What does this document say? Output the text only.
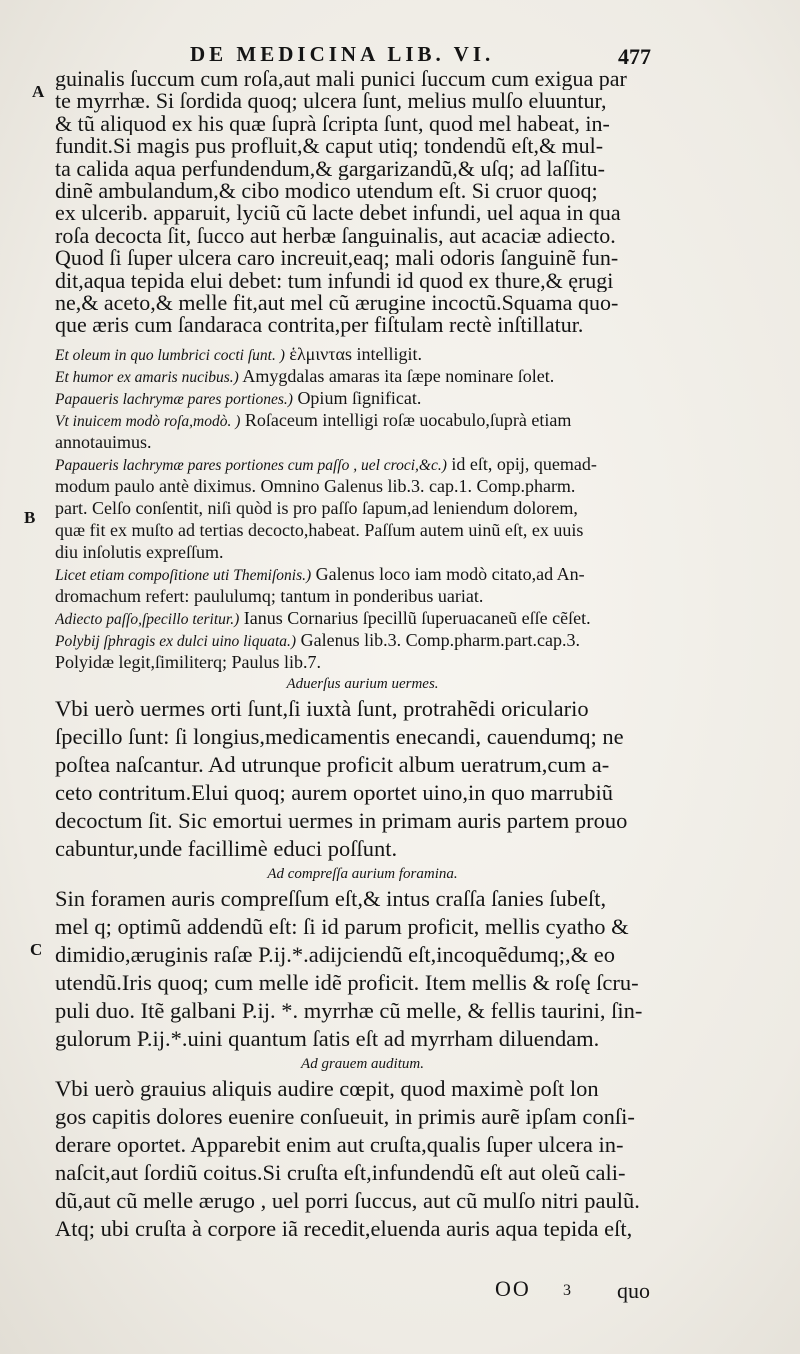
DE MEDICINA LIB. VI.	477
A
B
C
guinalis ſuccum cum roſa,aut mali punici ſuccum cum exigua par
te myrrhæ. Si ſordida quoq; ulcera ſunt, melius mulſo eluuntur,
& tũ aliquod ex his quæ ſuprà ſcripta ſunt, quod mel habeat, in-
fundit.Si magis pus profluit,& caput utiq; tondendũ eſt,& mul-
ta calida aqua perfundendum,& gargarizandũ,& uſq; ad laſſitu-
dinẽ ambulandum,& cibo modico utendum eſt. Si cruor quoq;
ex ulcerib. apparuit, lyciũ cũ lacte debet infundi, uel aqua in qua
roſa decocta ſit, ſucco aut herbæ ſanguinalis, aut acaciæ adiecto.
Quod ſi ſuper ulcera caro increuit,eaq; mali odoris ſanguinẽ fun-
dit,aqua tepida elui debet: tum infundi id quod ex thure,& ęrugi
ne,& aceto,& melle fit,aut mel cũ ærugine incoctũ.Squama quo-
que æris cum ſandaraca contrita,per fiſtulam rectè inſtillatur.
Et oleum in quo lumbrici cocti ſunt. ) ἑλμινταs intelligit.
Et humor ex amaris nucibus.) Amygdalas amaras ita ſæpe nominare ſolet.
Papaueris lachrymæ pares portiones.) Opium ſignificat.
Vt inuicem modò roſa,modò. ) Roſaceum intelligi roſæ uocabulo,ſuprà etiam
annotauimus.
Papaueris lachrymæ pares portiones cum paſſo , uel croci,&c.) id eſt, opij, quemad-
modum paulo antè diximus. Omnino Galenus lib.3. cap.1. Comp.pharm.
part. Celſo conſentit, niſi quòd is pro paſſo ſapum,ad leniendum dolorem,
quæ fit ex muſto ad tertias decocto,habeat. Paſſum autem uinũ eſt, ex uuis
diu inſolutis expreſſum.
Licet etiam compoſitione uti Themiſonis.) Galenus loco iam modò citato,ad An-
dromachum refert: paululumq; tantum in ponderibus uariat.
Adiecto paſſo,ſpecillo teritur.) Ianus Cornarius ſpecillũ ſuperuacaneũ eſſe cẽſet.
Polybij ſphragis ex dulci uino liquata.) Galenus lib.3. Comp.pharm.part.cap.3.
Polyidæ legit,ſimiliterq; Paulus lib.7.
Aduerſus aurium uermes.
Vbi uerò uermes orti ſunt,ſi iuxtà ſunt, protrahẽdi oriculario
ſpecillo ſunt: ſi longius,medicamentis enecandi, cauendumq; ne
poſtea naſcantur. Ad utrunque proficit album ueratrum,cum a-
ceto contritum.Elui quoq; aurem oportet uino,in quo marrubiũ
decoctum ſit. Sic emortui uermes in primam auris partem prouo
cabuntur,unde facillimè educi poſſunt.
Ad compreſſa aurium foramina.
Sin foramen auris compreſſum eſt,& intus craſſa ſanies ſubeſt,
mel q; optimũ addendũ eſt: ſi id parum proficit, mellis cyatho &
dimidio,æruginis raſæ P.ij.*.adijciendũ eſt,incoquẽdumq;,& eo
utendũ.Iris quoq; cum melle idẽ proficit. Item mellis & roſę ſcru-
puli duo. Itẽ galbani P.ij. *. myrrhæ cũ melle, & fellis taurini, ſin-
gulorum P.ij.*.uini quantum ſatis eſt ad myrrham diluendam.
Ad grauem auditum.
Vbi uerò grauius aliquis audire cœpit, quod maximè poſt lon
gos capitis dolores euenire conſueuit, in primis aurẽ ipſam conſi-
derare oportet. Apparebit enim aut cruſta,qualis ſuper ulcera in-
naſcit,aut ſordiũ coitus.Si cruſta eſt,infundendũ eſt aut oleũ cali-
dũ,aut cũ melle ærugo , uel porri ſuccus, aut cũ mulſo nitri paulũ.
Atq; ubi cruſta à corpore iã recedit,eluenda auris aqua tepida eſt,
OO 3 quo
